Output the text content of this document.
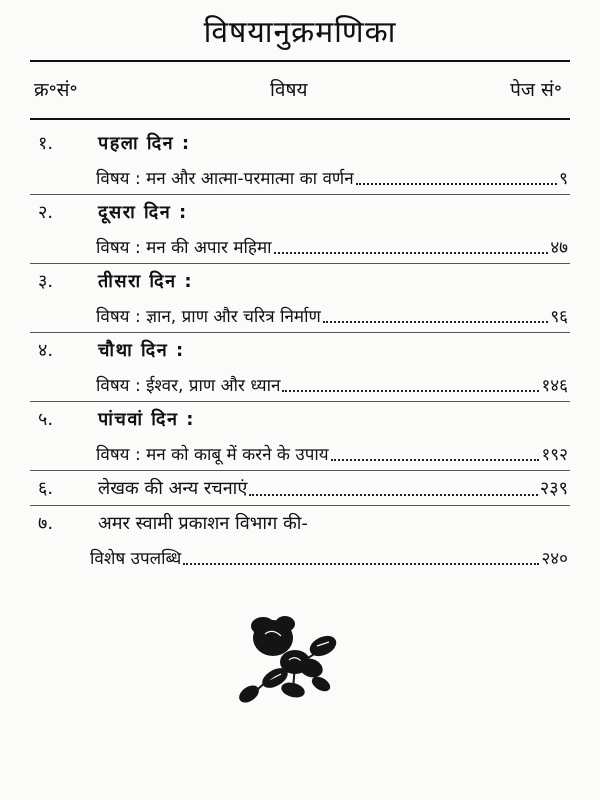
विषयानुक्रमणिका
क्र॰सं॰	विषय	पेज सं॰
१.	पहला दिन :
विषय : मन और आत्मा-परमात्मा का वर्णन	९
२.	दूसरा दिन :
विषय : मन की अपार महिमा	४७
३.	तीसरा दिन :
विषय : ज्ञान, प्राण और चरित्र निर्माण	९६
४.	चौथा दिन :
विषय : ईश्वर, प्राण और ध्यान	१४६
५.	पांचवां दिन :
विषय : मन को काबू में करने के उपाय	१९२
६.	लेखक की अन्य रचनाएं	२३९
७.	अमर स्वामी प्रकाशन विभाग की-
विशेष उपलब्धि	२४०
